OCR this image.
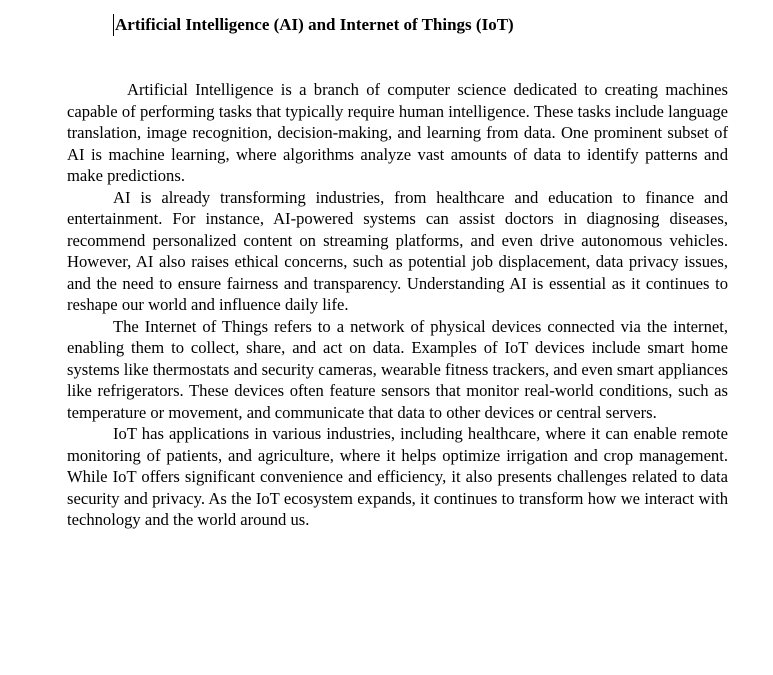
Artificial Intelligence (AI) and Internet of Things (IoT)

Artificial Intelligence is a branch of computer science dedicated to creating machines capable of performing tasks that typically require human intelligence. These tasks include language translation, image recognition, decision-making, and learning from data. One prominent subset of AI is machine learning, where algorithms analyze vast amounts of data to identify patterns and make predictions.

AI is already transforming industries, from healthcare and education to finance and entertainment. For instance, AI-powered systems can assist doctors in diagnosing diseases, recommend personalized content on streaming platforms, and even drive autonomous vehicles. However, AI also raises ethical concerns, such as potential job displacement, data privacy issues, and the need to ensure fairness and transparency. Understanding AI is essential as it continues to reshape our world and influence daily life.

The Internet of Things refers to a network of physical devices connected via the internet, enabling them to collect, share, and act on data. Examples of IoT devices include smart home systems like thermostats and security cameras, wearable fitness trackers, and even smart appliances like refrigerators. These devices often feature sensors that monitor real-world conditions, such as temperature or movement, and communicate that data to other devices or central servers.

IoT has applications in various industries, including healthcare, where it can enable remote monitoring of patients, and agriculture, where it helps optimize irrigation and crop management. While IoT offers significant convenience and efficiency, it also presents challenges related to data security and privacy. As the IoT ecosystem expands, it continues to transform how we interact with technology and the world around us.
